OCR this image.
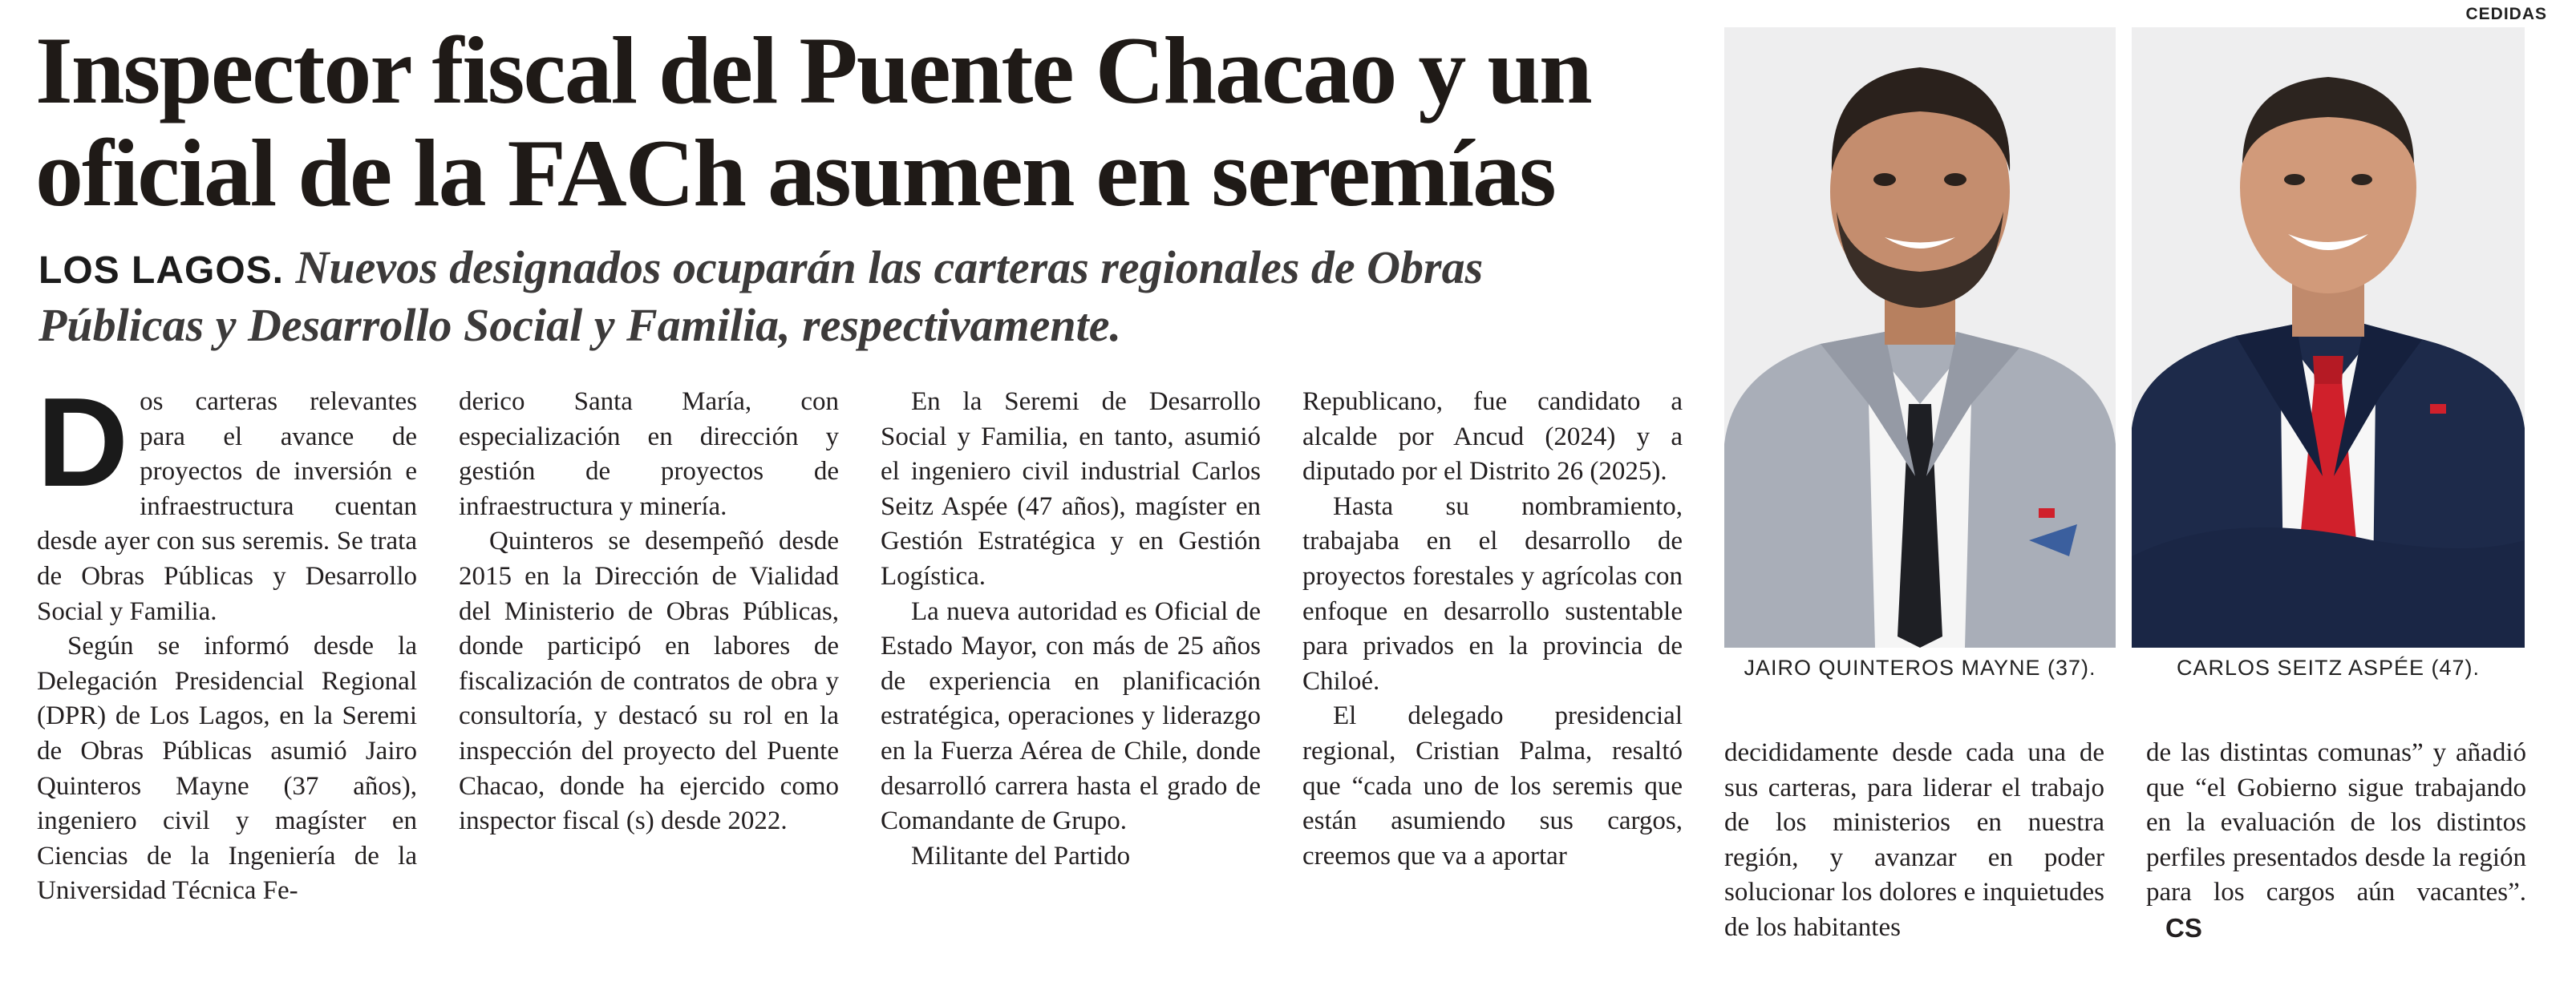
CEDIDAS
Inspector fiscal del Puente Chacao y un oficial de la FACh asumen en seremías
LOS LAGOS. Nuevos designados ocuparán las carteras regionales de Obras Públicas y Desarrollo Social y Familia, respectivamente.

D os carteras relevantes para el avance de proyectos de inversión e infraestructura cuentan desde ayer con sus seremis. Se trata de Obras Públicas y Desarrollo Social y Familia.

Según se informó desde la Delegación Presidencial Regional (DPR) de Los Lagos, en la Seremi de Obras Públicas asumió Jairo Quinteros Mayne (37 años), ingeniero civil y magíster en Ciencias de la Ingeniería de la Universidad Técnica Fe-

derico Santa María, con especialización en dirección y gestión de proyectos de infraestructura y minería.

Quinteros se desempeñó desde 2015 en la Dirección de Vialidad del Ministerio de Obras Públicas, donde participó en labores de fiscalización de contratos de obra y consultoría, y destacó su rol en la inspección del proyecto del Puente Chacao, donde ha ejercido como inspector fiscal (s) desde 2022.

En la Seremi de Desarrollo Social y Familia, en tanto, asumió el ingeniero civil industrial Carlos Seitz Aspée (47 años), magíster en Gestión Estratégica y en Gestión Logística.

La nueva autoridad es Oficial de Estado Mayor, con más de 25 años de experiencia en planificación estratégica, operaciones y liderazgo en la Fuerza Aérea de Chile, donde desarrolló carrera hasta el grado de Comandante de Grupo.

Militante del Partido

Republicano, fue candidato a alcalde por Ancud (2024) y a diputado por el Distrito 26 (2025).

Hasta su nombramiento, trabajaba en el desarrollo de proyectos forestales y agrícolas con enfoque en desarrollo sustentable para privados en la provincia de Chiloé.

El delegado presidencial regional, Cristian Palma, resaltó que “cada uno de los seremis que están asumiendo sus cargos, creemos que va a aportar

decididamente desde cada una de sus carteras, para liderar el trabajo de los ministerios en nuestra región, y avanzar en poder solucionar los dolores e inquietudes de los habitantes

de las distintas comunas” y añadió que “el Gobierno sigue trabajando en la evaluación de los distintos perfiles presentados desde la región para los cargos aún vacantes”. CS

JAIRO QUINTEROS MAYNE (37).	CARLOS SEITZ ASPÉE (47).
